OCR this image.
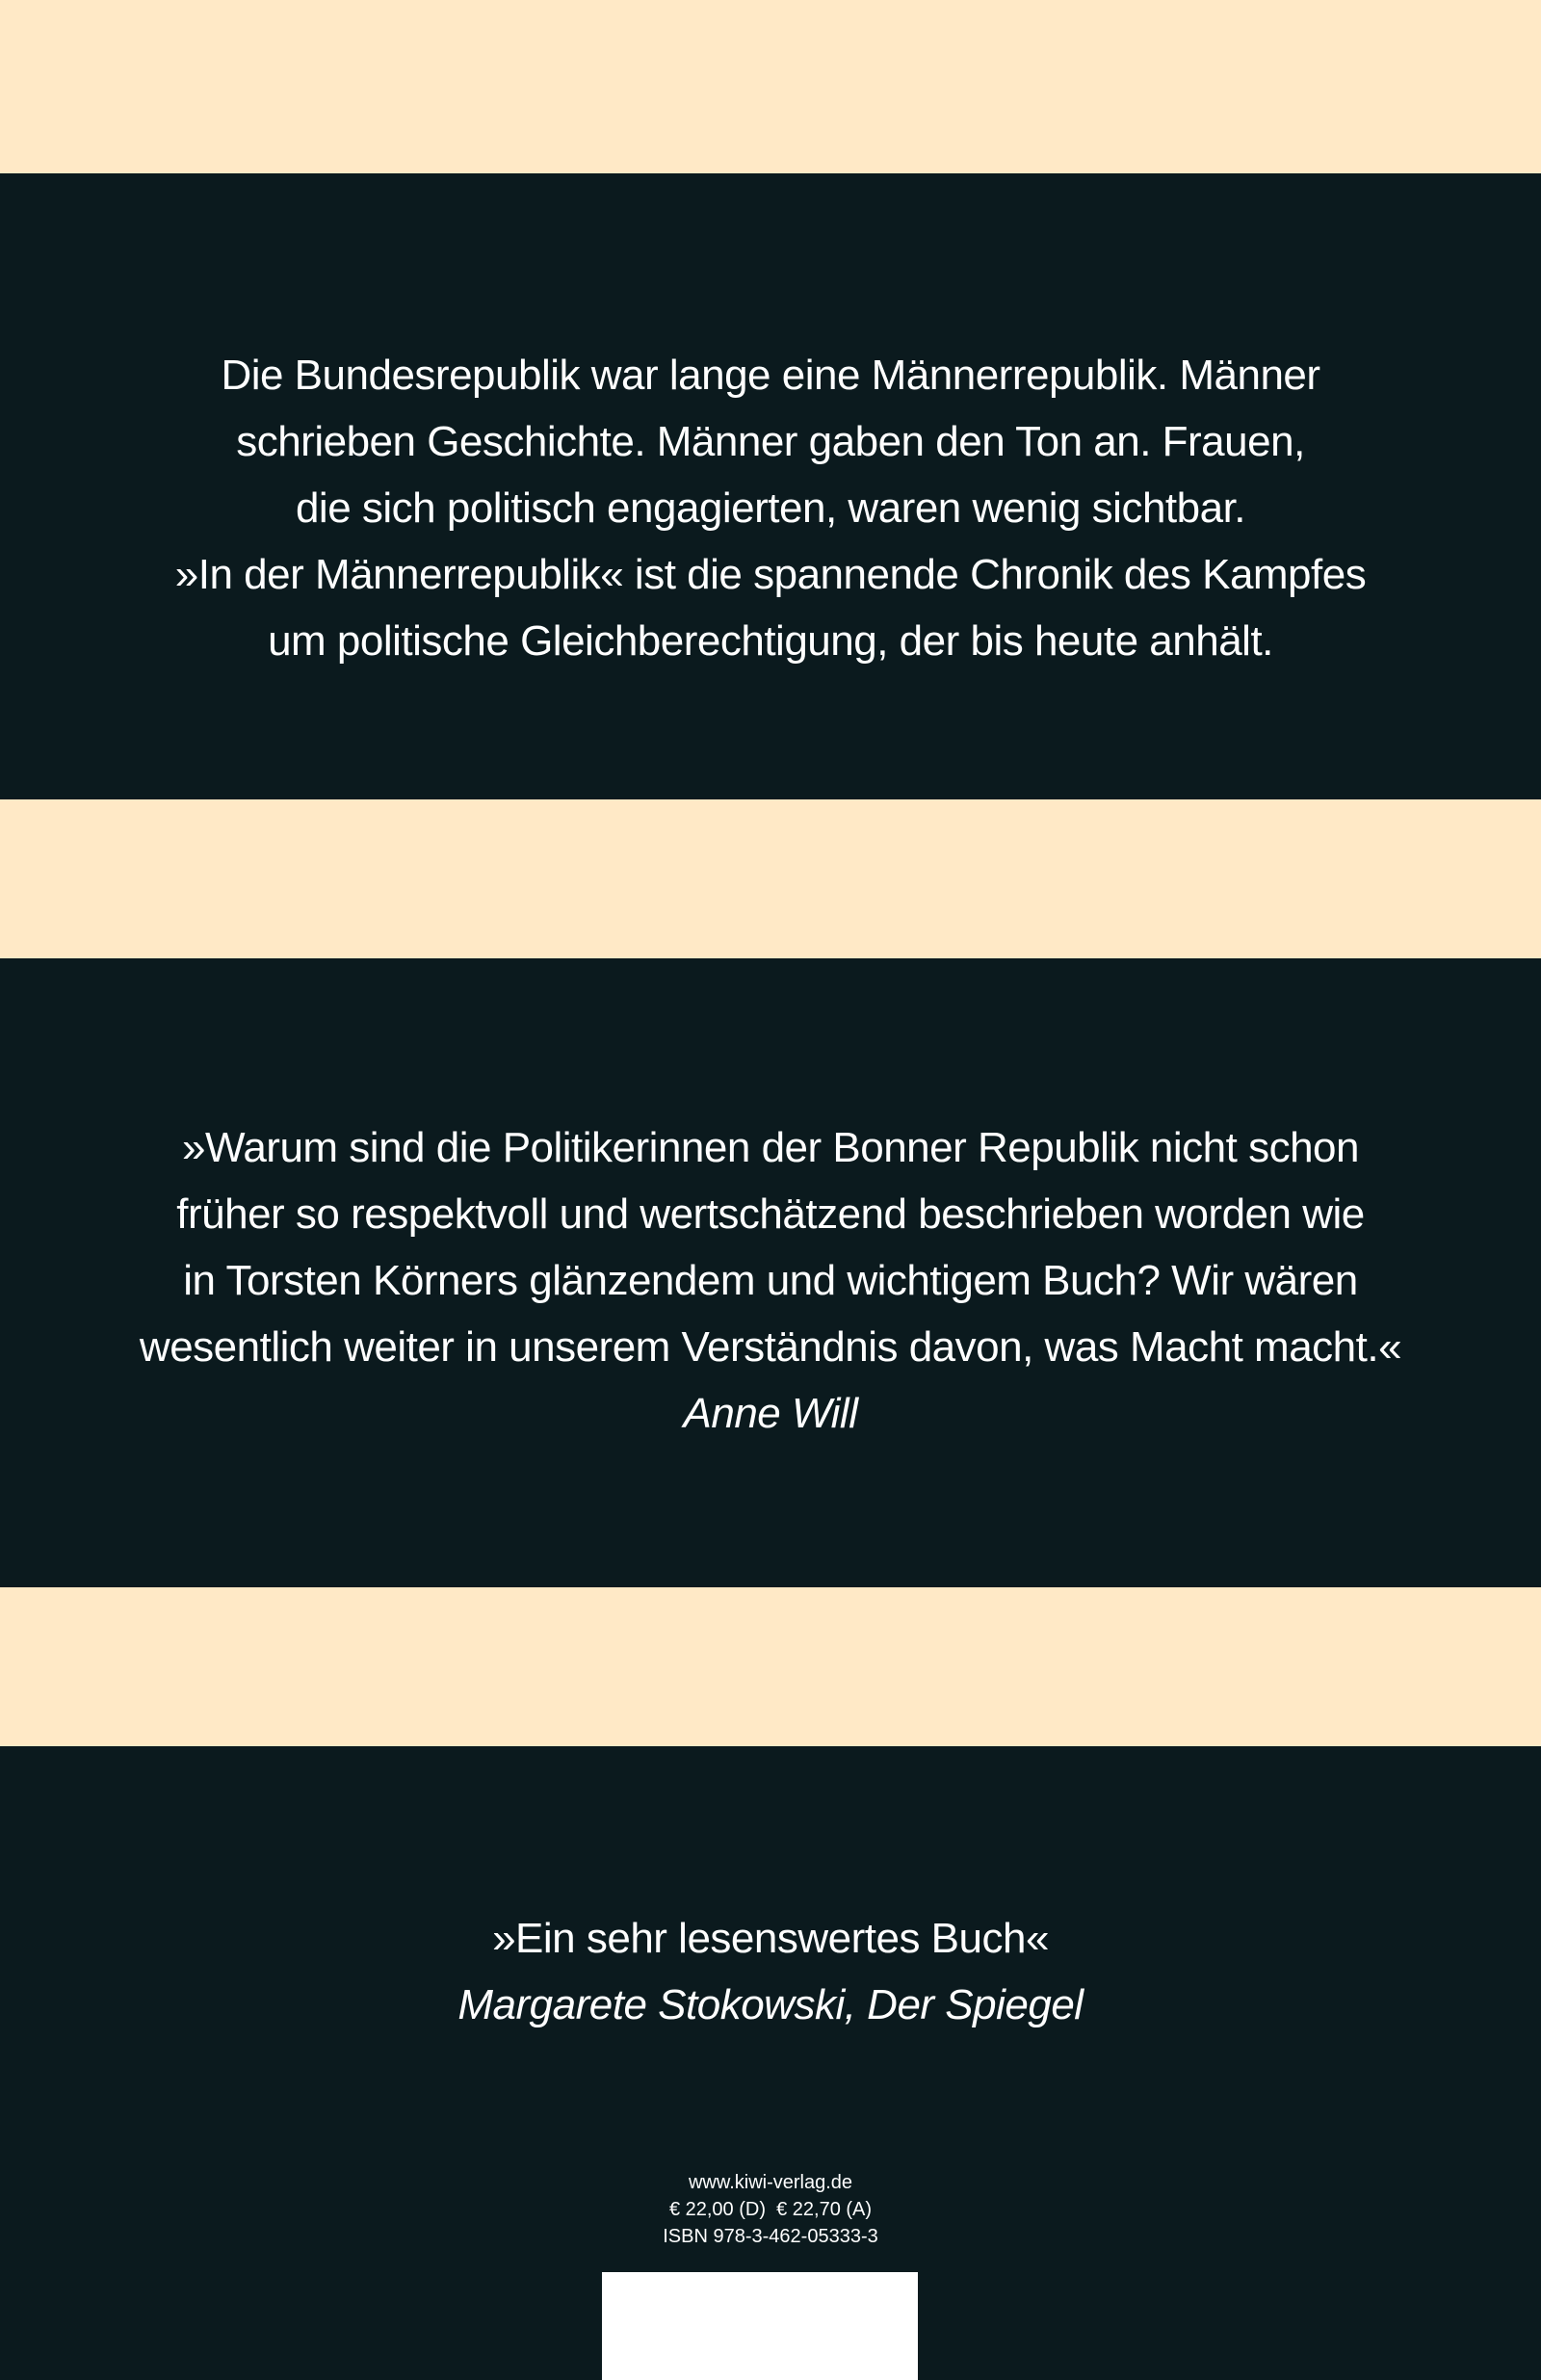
Die Bundesrepublik war lange eine Männerrepublik. Männer
schrieben Geschichte. Männer gaben den Ton an. Frauen,
die sich politisch engagierten, waren wenig sichtbar.
»In der Männerrepublik« ist die spannende Chronik des Kampfes
um politische Gleichberechtigung, der bis heute anhält.
»Warum sind die Politikerinnen der Bonner Republik nicht schon
früher so respektvoll und wertschätzend beschrieben worden wie
in Torsten Körners glänzendem und wichtigem Buch? Wir wären
wesentlich weiter in unserem Verständnis davon, was Macht macht.«
Anne Will
»Ein sehr lesenswertes Buch«
Margarete Stokowski, Der Spiegel
www.kiwi-verlag.de
€ 22,00 (D)  € 22,70 (A)
ISBN 978-3-462-05333-3
